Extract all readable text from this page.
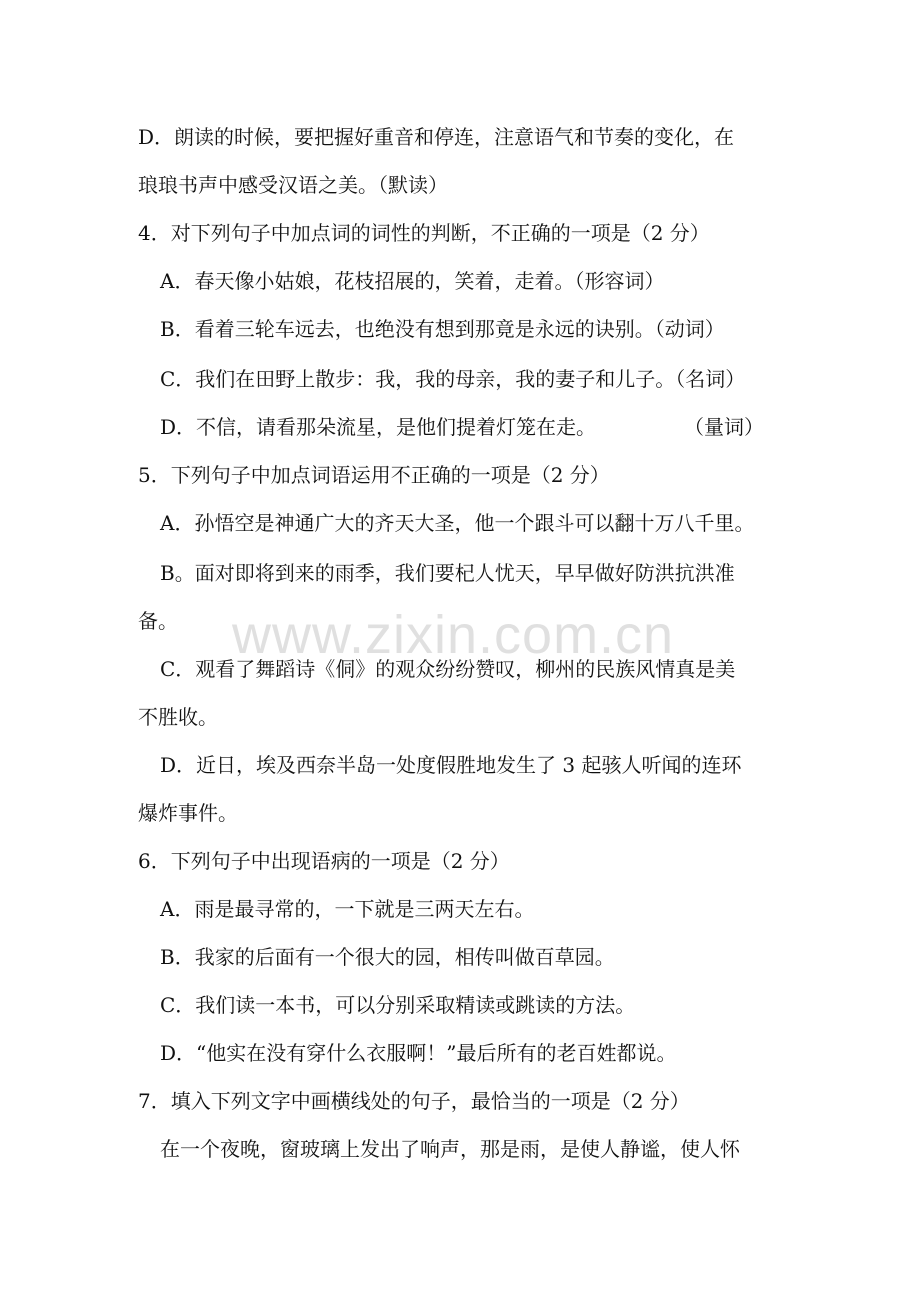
D．朗读的时候，要把握好重音和停连，注意语气和节奏的变化，在
琅琅书声中感受汉语之美。（默读）
4．对下列句子中加点词的词性的判断，不正确的一项是（2 分）
A．春天像小姑娘，花枝招展的，笑着，走着。（形容词）
B．看着三轮车远去，也绝没有想到那竟是永远的诀别。（动词）
C．我们在田野上散步：我，我的母亲，我的妻子和儿子。（名词）
D．不信，请看那朵流星，是他们提着灯笼在走。	（量词）
5．下列句子中加点词语运用不正确的一项是（2 分）
A．孙悟空是神通广大的齐天大圣，他一个跟斗可以翻十万八千里。
B。面对即将到来的雨季，我们要杞人忧天，早早做好防洪抗洪准
备。
C．观看了舞蹈诗《侗》的观众纷纷赞叹，柳州的民族风情真是美
不胜收。
D．近日，埃及西奈半岛一处度假胜地发生了 3 起骇人听闻的连环
爆炸事件。
6．下列句子中出现语病的一项是（2 分）
A．雨是最寻常的，一下就是三两天左右。
B．我家的后面有一个很大的园，相传叫做百草园。
C．我们读一本书，可以分别采取精读或跳读的方法。
D．“他实在没有穿什么衣服啊！”最后所有的老百姓都说。
7．填入下列文字中画横线处的句子，最恰当的一项是（2 分）
在一个夜晚，窗玻璃上发出了响声，那是雨，是使人静谧，使人怀
www.zixin.com.cn
